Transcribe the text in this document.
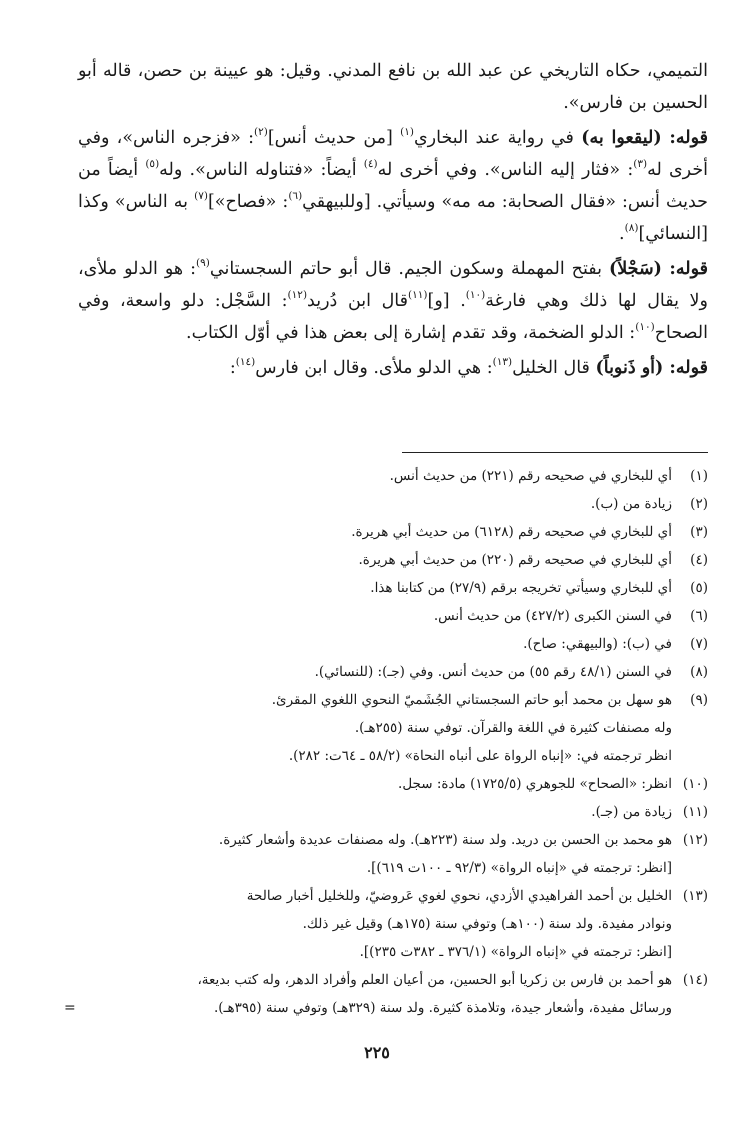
التميمي، حكاه التاريخي عن عبد الله بن نافع المدني. وقيل: هو عيينة بن حصن، قاله أبو الحسين بن فارس».

قوله: (ليقعوا به) في رواية عند البخاري$^{(١)}$ [من حديث أنس]$^{(٢)}$: «فزجره الناس»، وفي أخرى له$^{(٣)}$: «فثار إليه الناس». وفي أخرى له$^{(٤)}$ أيضاً: «فتناوله الناس». وله$^{(٥)}$ أيضاً من حديث أنس: «فقال الصحابة: مه مه» وسيأتي. [وللبيهقي$^{(٦)}$: «فصاح»]$^{(٧)}$ به الناس» وكذا [النسائي]$^{(٨)}$.

قوله: (سَجْلاً) بفتح المهملة وسكون الجيم. قال أبو حاتم السجستاني$^{(٩)}$: هو الدلو ملأى، ولا يقال لها ذلك وهي فارغة$^{(١٠)}$. [و]$^{(١١)}$قال ابن دُريد$^{(١٢)}$: السَّجْل: دلو واسعة، وفي الصحاح$^{(١٠)}$: الدلو الضخمة، وقد تقدم إشارة إلى بعض هذا في أوّل الكتاب.

قوله: (أو ذَنوباً) قال الخليل$^{(١٣)}$: هي الدلو ملأى. وقال ابن فارس$^{(١٤)}$:

(١)
أي للبخاري في صحيحه رقم (٢٢١) من حديث أنس.
(٢)
زيادة من (ب).
(٣)
أي للبخاري في صحيحه رقم (٦١٢٨) من حديث أبي هريرة.
(٤)
أي للبخاري في صحيحه رقم (٢٢٠) من حديث أبي هريرة.
(٥)
أي للبخاري وسيأتي تخريجه برقم (٢٧/٩) من كتابنا هذا.
(٦)
في السنن الكبرى (٤٢٧/٢) من حديث أنس.
(٧)
في (ب): (والبيهقي: صاح).
(٨)
في السنن (٤٨/١ رقم ٥٥) من حديث أنس. وفي (جـ): (للنسائي).
(٩)
هو سهل بن محمد أبو حاتم السجستاني الجُشَميّ النحوي اللغوي المقرئ.
وله مصنفات كثيرة في اللغة والقرآن. توفي سنة (٢٥٥هـ).
انظر ترجمته في: «إنباه الرواة على أنباه النحاة» (٥٨/٢ ـ ٦٤ت: ٢٨٢).
(١٠)
انظر: «الصحاح» للجوهري (١٧٢٥/٥) مادة: سجل.
(١١)
زيادة من (جـ).
(١٢)
هو محمد بن الحسن بن دريد. ولد سنة (٢٢٣هـ). وله مصنفات عديدة وأشعار كثيرة.
[انظر: ترجمته في «إنباه الرواة» (٩٢/٣ ـ ١٠٠ت ٦١٩)].
(١٣)
الخليل بن أحمد الفراهيدي الأزدي، نحوي لغوي عَروضيّ، وللخليل أخبار صالحة
ونوادر مفيدة. ولد سنة (١٠٠هـ) وتوفي سنة (١٧٥هـ) وقيل غير ذلك.
[انظر: ترجمته في «إنباه الرواة» (٣٧٦/١ ـ ٣٨٢ت ٢٣٥)].
(١٤)
هو أحمد بن فارس بن زكريا أبو الحسين، من أعيان العلم وأفراد الدهر، وله كتب بديعة،
ورسائل مفيدة، وأشعار جيدة، وتلامذة كثيرة. ولد سنة (٣٢٩هـ) وتوفي سنة (٣٩٥هـ).
=
٢٢٥
